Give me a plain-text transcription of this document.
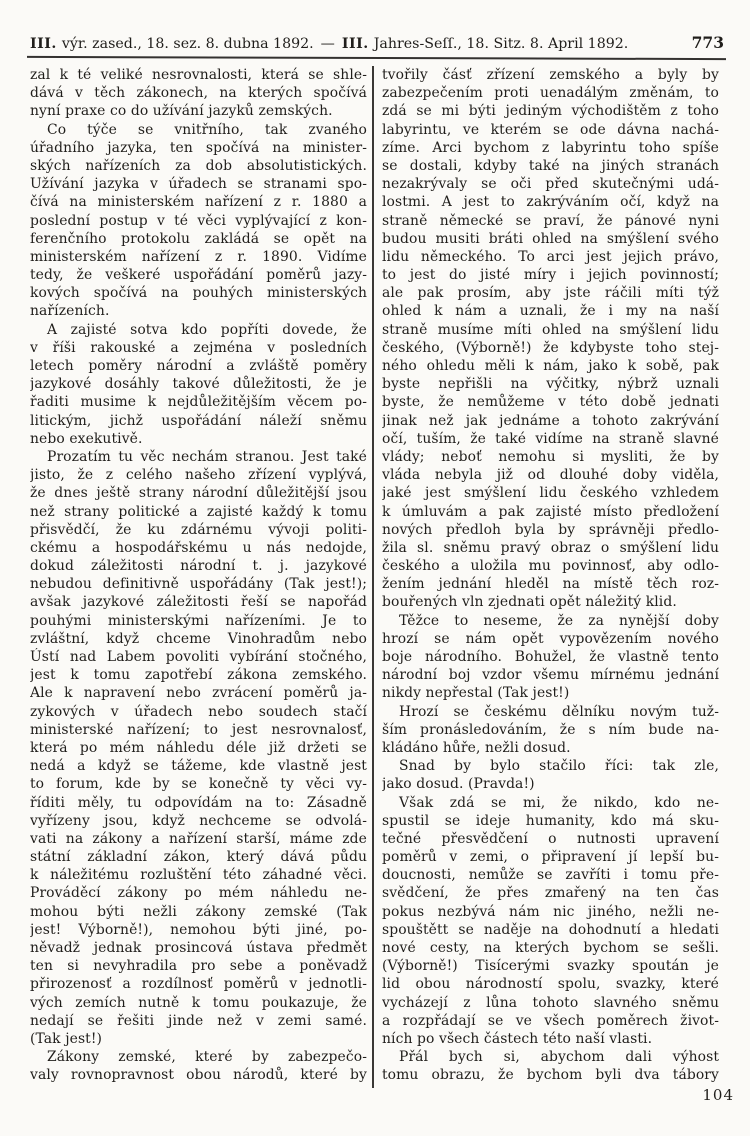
III. výr. zased., 18. sez. 8. dubna 1892. — III. Jahres-Seſſ., 18. Sitz. 8. April 1892.	773
zal k té veliké nesrovnalosti, která se shle-
dává v těch zákonech, na kterých spočívá
nyní praxe co do užívání jazyků zemských.
Co týče se vnitřního, tak zvaného
úřadního jazyka, ten spočívá na minister-
ských nařízeních za dob absolutistických.
Užívání jazyka v úřadech se stranami spo-
čívá na ministerském nařízení z r. 1880 a
poslední postup v té věci vyplývající z kon-
ferenčního protokolu zakládá se opět na
ministerském nařízení z r. 1890. Vidíme
tedy, že veškeré uspořádání poměrů jazy-
kových spočívá na pouhých ministerských
nařízeních.
A zajisté sotva kdo popříti dovede, že
v říši rakouské a zejména v posledních
letech poměry národní a zvláště poměry
jazykové dosáhly takové důležitosti, že je
řaditi musime k nejdůležitějším věcem po-
litickým, jichž uspořádání náleží sněmu
nebo exekutivě.
Prozatím tu věc nechám stranou. Jest také
jisto, že z celého našeho zřízení vyplývá,
že dnes ještě strany národní důležitější jsou
než strany politické a zajisté každý k tomu
přisvědčí, že ku zdárnému vývoji politi-
ckému a hospodářskému u nás nedojde,
dokud záležitosti národní t. j. jazykové
nebudou definitivně uspořádány (Tak jest!);
avšak jazykové záležitosti řeší se napořád
pouhými ministerskými nařízeními. Je to
zvláštní, když chceme Vinohradům nebo
Ústí nad Labem povoliti vybírání stočného,
jest k tomu zapotřebí zákona zemského.
Ale k napravení nebo zvrácení poměrů ja-
zykových v úřadech nebo soudech stačí
ministerské nařízení; to jest nesrovnalosť,
která po mém náhledu déle již držeti se
nedá a když se tážeme, kde vlastně jest
to forum, kde by se konečně ty věci vy-
říditi měly, tu odpovídám na to: Zásadně
vyřízeny jsou, když nechceme se odvolá-
vati na zákony a nařízení starší, máme zde
státní základní zákon, který dává půdu
k náležitému rozluštění této záhadné věci.
Prováděcí zákony po mém náhledu ne-
mohou býti nežli zákony zemské (Tak
jest! Výborně!), nemohou býti jiné, po-
něvadž jednak prosincová ústava předmět
ten si nevyhradila pro sebe a poněvadž
přirozenosť a rozdílnosť poměrů v jednotli-
vých zemích nutně k tomu poukazuje, že
nedají se řešiti jinde než v zemi samé.
(Tak jest!)
Zákony zemské, které by zabezpečo-
valy rovnopravnost obou národů, které by
tvořily čásť zřízení zemského a byly by
zabezpečením proti uenadálým změnám, to
zdá se mi býti jediným východištěm z toho
labyrintu, ve kterém se ode dávna nachá-
zíme. Arci bychom z labyrintu toho spíše
se dostali, kdyby také na jiných stranách
nezakrývaly se oči před skutečnými udá-
lostmi. A jest to zakrýváním očí, když na
straně německé se praví, že pánové nyni
budou musiti bráti ohled na smýšlení svého
lidu německého. To arci jest jejich právo,
to jest do jisté míry i jejich povinností;
ale pak prosím, aby jste ráčili míti týž
ohled k nám a uznali, že i my na naší
straně musíme míti ohled na smýšlení lidu
českého, (Výborně!) že kdybyste toho stej-
ného ohledu měli k nám, jako k sobě, pak
byste nepřišli na výčitky, nýbrž uznali
byste, že nemůžeme v této době jednati
jinak než jak jednáme a tohoto zakrývání
očí, tuším, že také vidíme na straně slavné
vlády; neboť nemohu si mysliti, že by
vláda nebyla již od dlouhé doby viděla,
jaké jest smýšlení lidu českého vzhledem
k úmluvám a pak zajisté místo předložení
nových předloh byla by správněji předlo-
žila sl. sněmu pravý obraz o smýšlení lidu
českého a uložila mu povinnosť, aby odlo-
žením jednání hleděl na místě těch roz-
bouřených vln zjednati opět náležitý klid.
Těžce to neseme, že za nynější doby
hrozí se nám opět vypovězením nového
boje národního. Bohužel, že vlastně tento
národní boj vzdor všemu mírnému jednání
nikdy nepřestal (Tak jest!)
Hrozí se českému dělníku novým tuž-
ším pronásledováním, že s ním bude na-
kládáno hůře, nežli dosud.
Snad by bylo stačilo říci: tak zle,
jako dosud. (Pravda!)
Však zdá se mi, že nikdo, kdo ne-
spustil se ideje humanity, kdo má sku-
tečné přesvědčení o nutnosti upravení
poměrů v zemi, o připravení jí lepší bu-
doucnosti, nemůže se zavříti i tomu pře-
svědčení, že přes zmařený na ten čas
pokus nezbývá nám nic jiného, nežli ne-
spouštětt se naděje na dohodnutí a hledati
nové cesty, na kterých bychom se sešli.
(Výborně!) Tisícerými svazky spoután je
lid obou národností spolu, svazky, které
vycházejí z lůna tohoto slavného sněmu
a rozpřádají se ve všech poměrech život-
ních po všech částech této naší vlasti.
Přál bych si, abychom dali výhost
tomu obrazu, že bychom byli dva tábory
104
